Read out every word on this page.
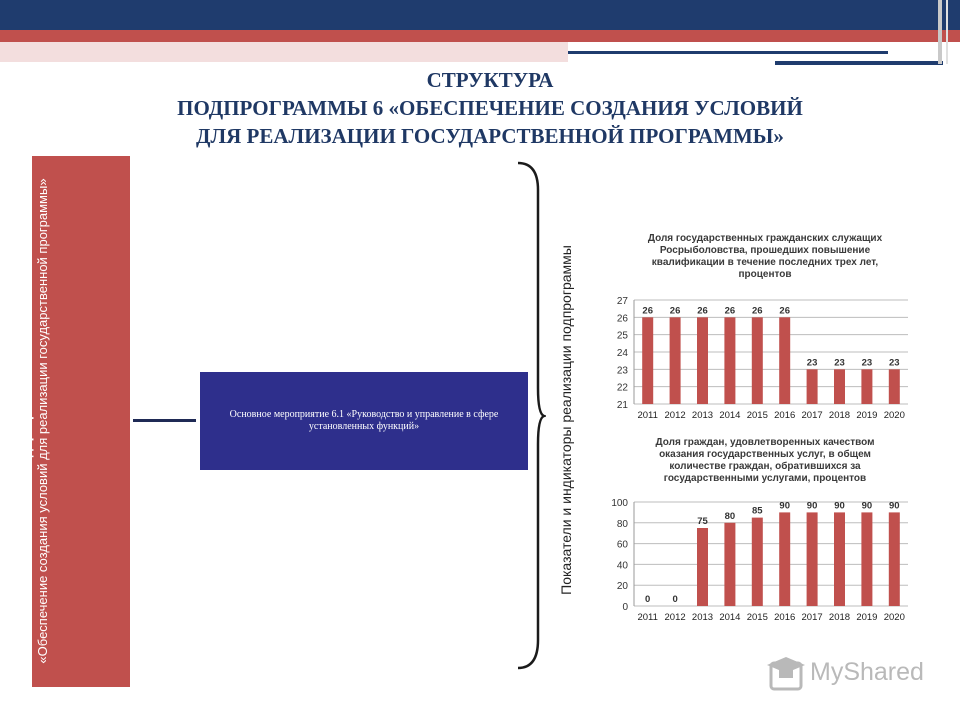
СТРУКТУРА
ПОДПРОГРАММЫ 6 «ОБЕСПЕЧЕНИЕ СОЗДАНИЯ УСЛОВИЙ
ДЛЯ РЕАЛИЗАЦИИ ГОСУДАРСТВЕННОЙ ПРОГРАММЫ»
Подпрограмма 6 «Обеспечение создания условий для реализации государственной программы»	Основное мероприятие 6.1 «Руководство и управление в сфере установленных функций»	Показатели и индикаторы реализации подпрограммы
Доля государственных гражданских служащих
Росрыболовства, прошедших повышение
квалификации в течение последних трех лет,
процентов
21
22
23
24
25
26
27
26
2011
26
2012
26
2013
26
2014
26
2015
26
2016
23
2017
23
2018
23
2019
23
2020
Доля граждан, удовлетворенных качеством
оказания государственных услуг, в общем
количестве граждан, обратившихся за
государственными услугами, процентов
0
20
40
60
80
100
0
2011
0
2012
75
2013
80
2014
85
2015
90
2016
90
2017
90
2018
90
2019
90
2020
MyShared
